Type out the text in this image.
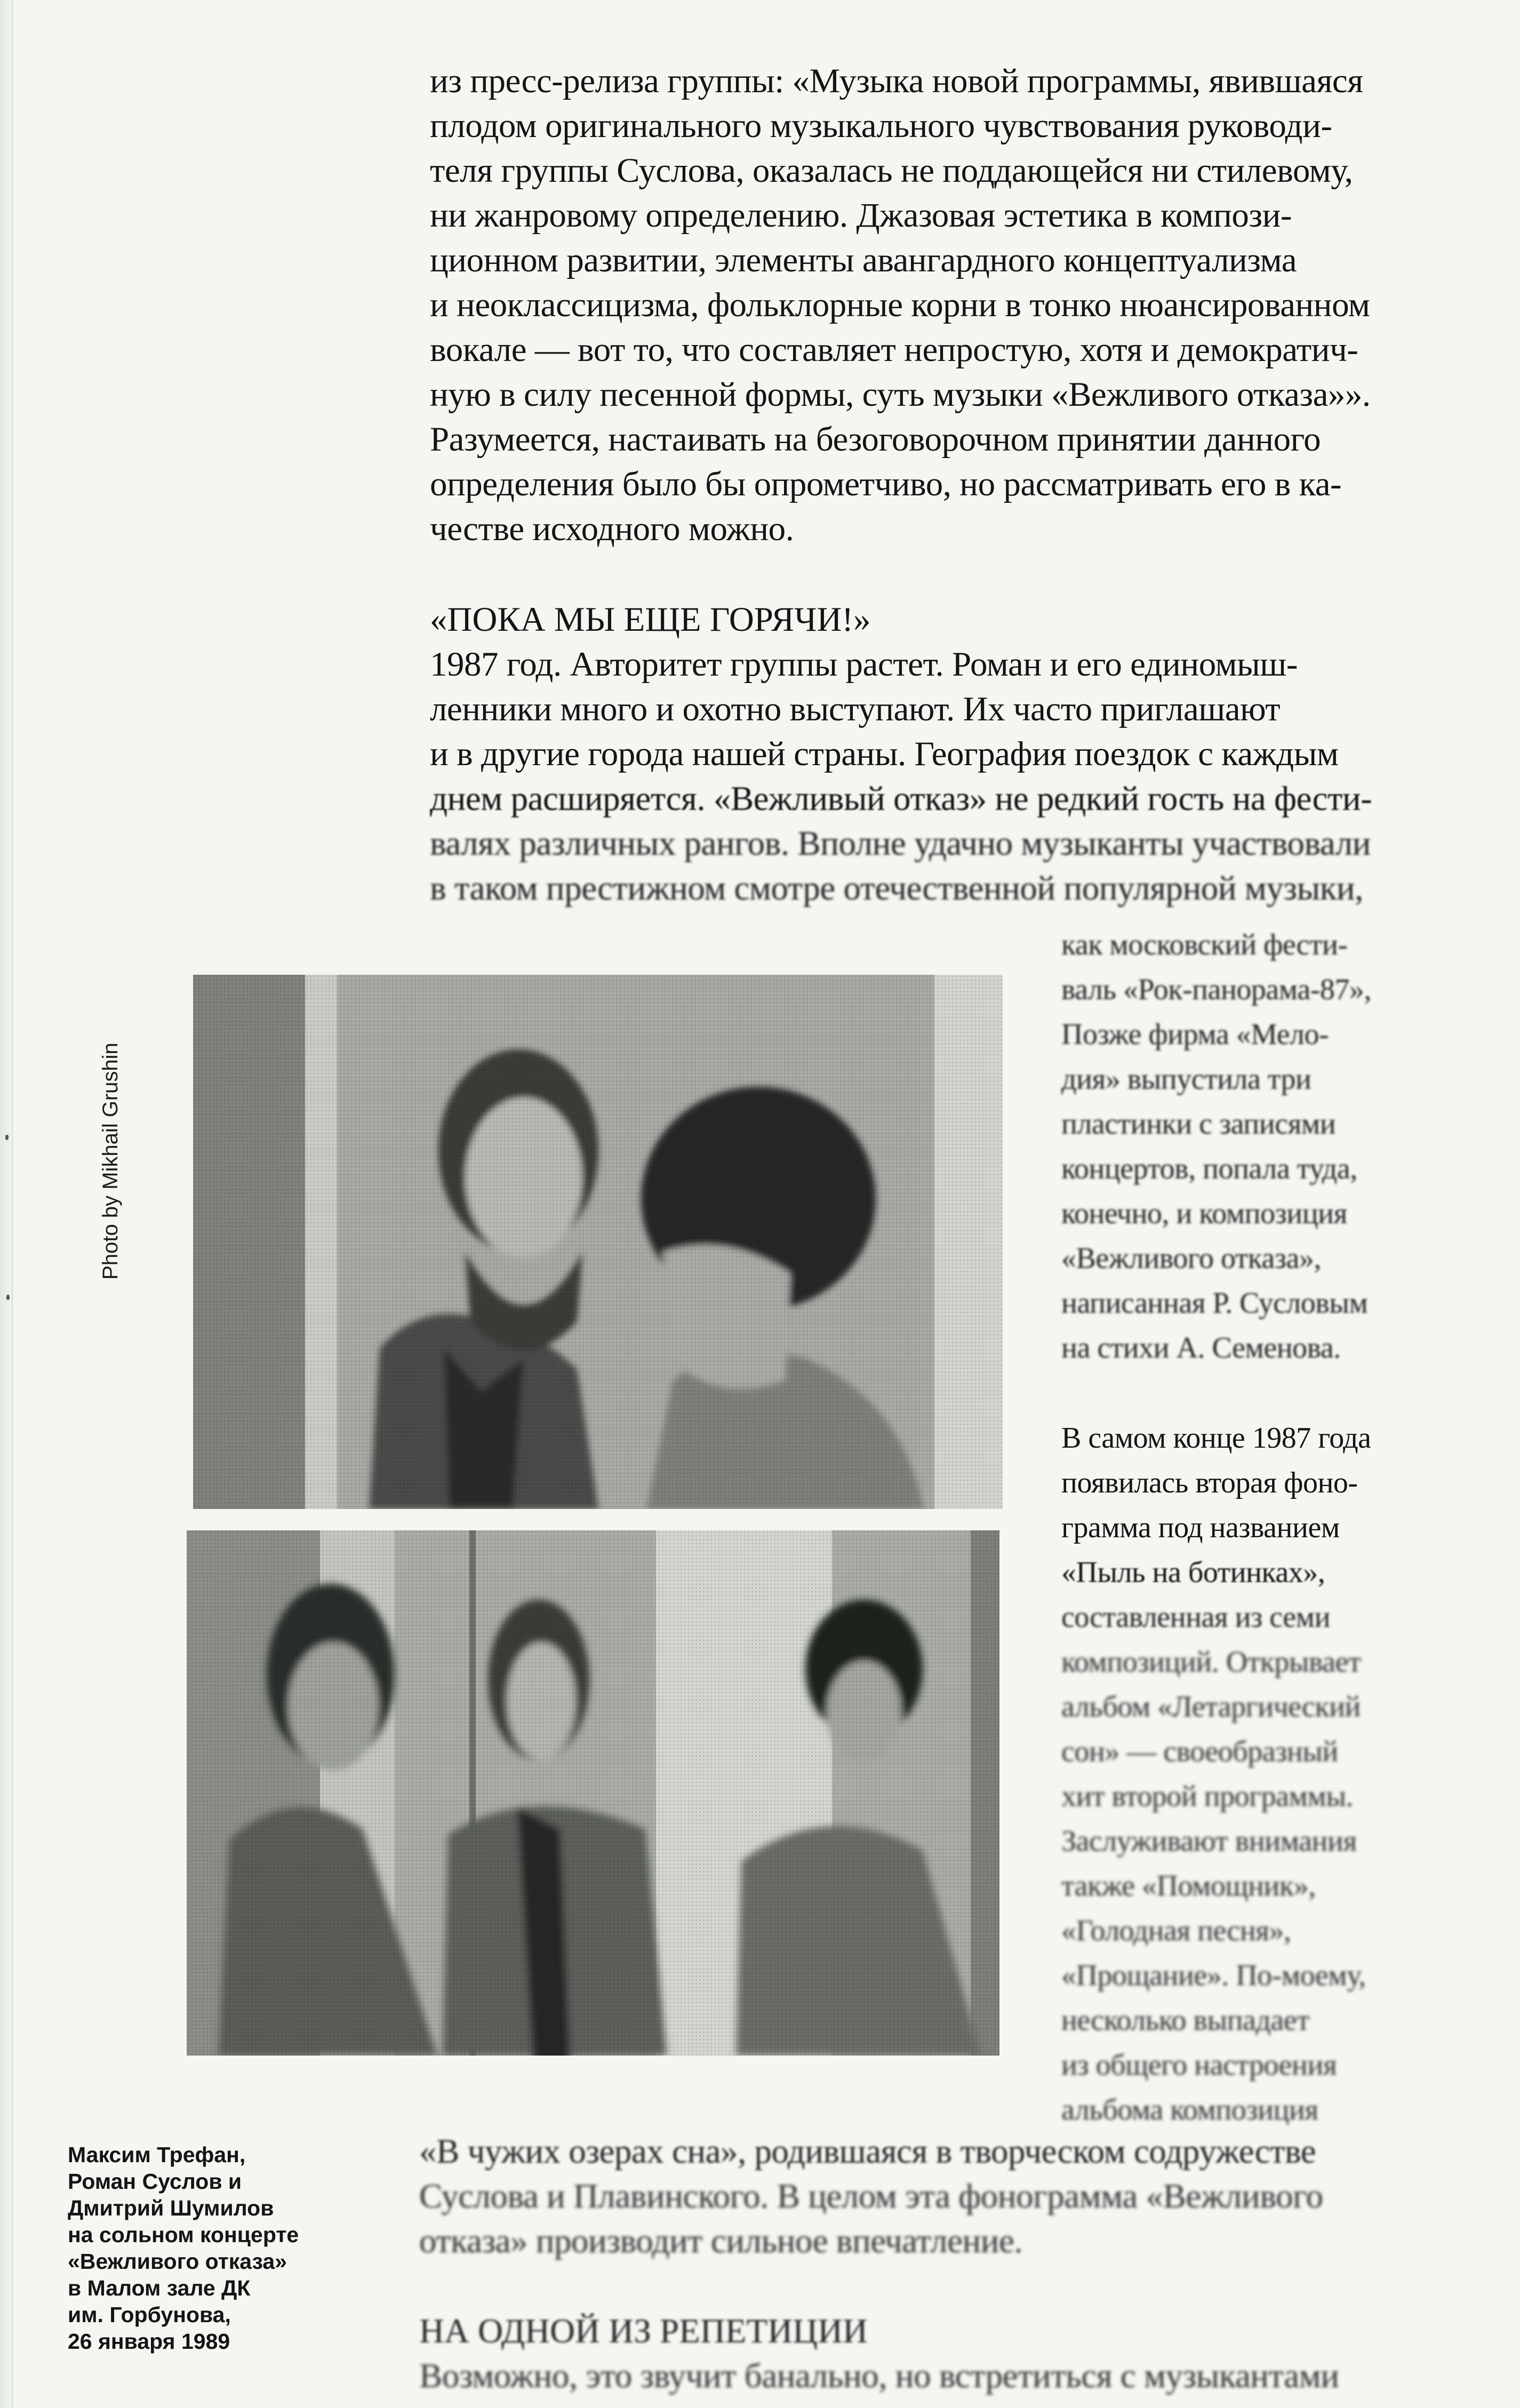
из пресс-релиза группы: «Музыка новой программы, явившаяся
плодом оригинального музыкального чувствования руководи-
теля группы Суслова, оказалась не поддающейся ни стилевому,
ни жанровому определению. Джазовая эстетика в компози-
ционном развитии, элементы авангардного концептуализма
и неоклассицизма, фольклорные корни в тонко нюансированном
вокале — вот то, что составляет непростую, хотя и демократич-
ную в силу песенной формы, суть музыки «Вежливого отказа»».
Разумеется, настаивать на безоговорочном принятии данного
определения было бы опрометчиво, но рассматривать его в ка-
честве исходного можно.
«ПОКА МЫ ЕЩЕ ГОРЯЧИ!»
1987 год. Авторитет группы растет. Роман и его единомыш-
ленники много и охотно выступают. Их часто приглашают
и в другие города нашей страны. География поездок с каждым
днем расширяется. «Вежливый отказ» не редкий гость на фести-
валях различных рангов. Вполне удачно музыканты участвовали
в таком престижном смотре отечественной популярной музыки,
как московский фести-
валь «Рок-панорама-87»,
Позже фирма «Мело-
дия» выпустила три
пластинки с записями
концертов, попала туда,
конечно, и композиция
«Вежливого отказа»,
написанная Р. Сусловым
на стихи А. Семенова.
В самом конце 1987 года
появилась вторая фоно-
грамма под названием
«Пыль на ботинках»,
составленная из семи
композиций. Открывает
альбом «Летаргический
сон» — своеобразный
хит второй программы.
Заслуживают внимания
также «Помощник»,
«Голодная песня»,
«Прощание». По-моему,
несколько выпадает
из общего настроения
альбома композиция
Photo by Mikhail Grushin
«В чужих озерах сна», родившаяся в творческом содружестве
Суслова и Плавинского. В целом эта фонограмма «Вежливого
отказа» производит сильное впечатление.
НА ОДНОЙ ИЗ РЕПЕТИЦИИ
Возможно, это звучит банально, но встретиться с музыкантами
Максим Трефан,
Роман Суслов и
Дмитрий Шумилов
на сольном концерте
«Вежливого отказа»
в Малом зале ДК
им. Горбунова,
26 января 1989
